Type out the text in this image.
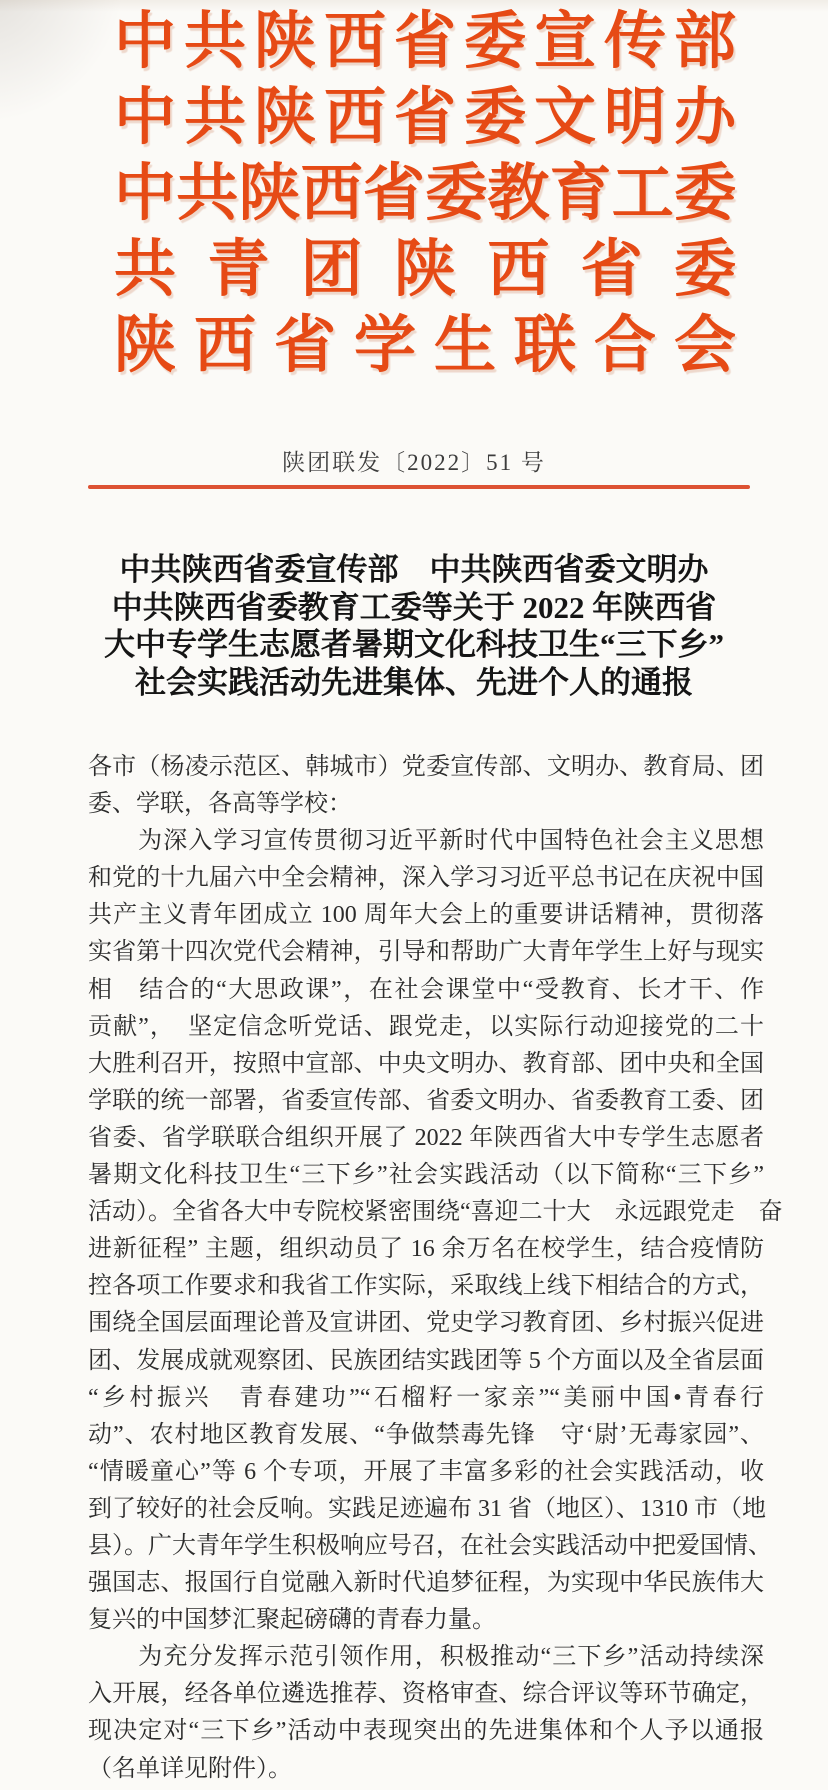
中共陕西省委宣传部
中共陕西省委文明办
中共陕西省委教育工委
共青团陕西省委
陕西省学生联合会
陕团联发〔2022〕51 号
中共陕西省委宣传部　中共陕西省委文明办
中共陕西省委教育工委等关于 2022 年陕西省
大中专学生志愿者暑期文化科技卫生“三下乡”
社会实践活动先进集体、先进个人的通报
各市（杨凌示范区、韩城市）党委宣传部、文明办、教育局、团
委、学联，各高等学校：
　　为深入学习宣传贯彻习近平新时代中国特色社会主义思想
和党的十九届六中全会精神，深入学习习近平总书记在庆祝中国
共产主义青年团成立 100 周年大会上的重要讲话精神，贯彻落
实省第十四次党代会精神，引导和帮助广大青年学生上好与现实
相　结合的“大思政课”，在社会课堂中“受教育、长才干、作
贡献”，　坚定信念听党话、跟党走，以实际行动迎接党的二十
大胜利召开，按照中宣部、中央文明办、教育部、团中央和全国
学联的统一部署，省委宣传部、省委文明办、省委教育工委、团
省委、省学联联合组织开展了 2022 年陕西省大中专学生志愿者
暑期文化科技卫生“三下乡”社会实践活动（以下简称“三下乡”
活动）。全省各大中专院校紧密围绕“喜迎二十大　永远跟党走　奋
进新征程” 主题，组织动员了 16 余万名在校学生，结合疫情防
控各项工作要求和我省工作实际，采取线上线下相结合的方式，
围绕全国层面理论普及宣讲团、党史学习教育团、乡村振兴促进
团、发展成就观察团、民族团结实践团等 5 个方面以及全省层面
“乡村振兴　青春建功”“石榴籽一家亲”“美丽中国•青春行
动”、农村地区教育发展、“争做禁毒先锋　守‘尉’无毒家园”、
“情暖童心”等 6 个专项，开展了丰富多彩的社会实践活动，收
到了较好的社会反响。实践足迹遍布 31 省（地区）、1310 市（地
县）。广大青年学生积极响应号召，在社会实践活动中把爱国情、
强国志、报国行自觉融入新时代追梦征程，为实现中华民族伟大
复兴的中国梦汇聚起磅礴的青春力量。
　　为充分发挥示范引领作用，积极推动“三下乡”活动持续深
入开展，经各单位遴选推荐、资格审查、综合评议等环节确定，
现决定对“三下乡”活动中表现突出的先进集体和个人予以通报
（名单详见附件）。
